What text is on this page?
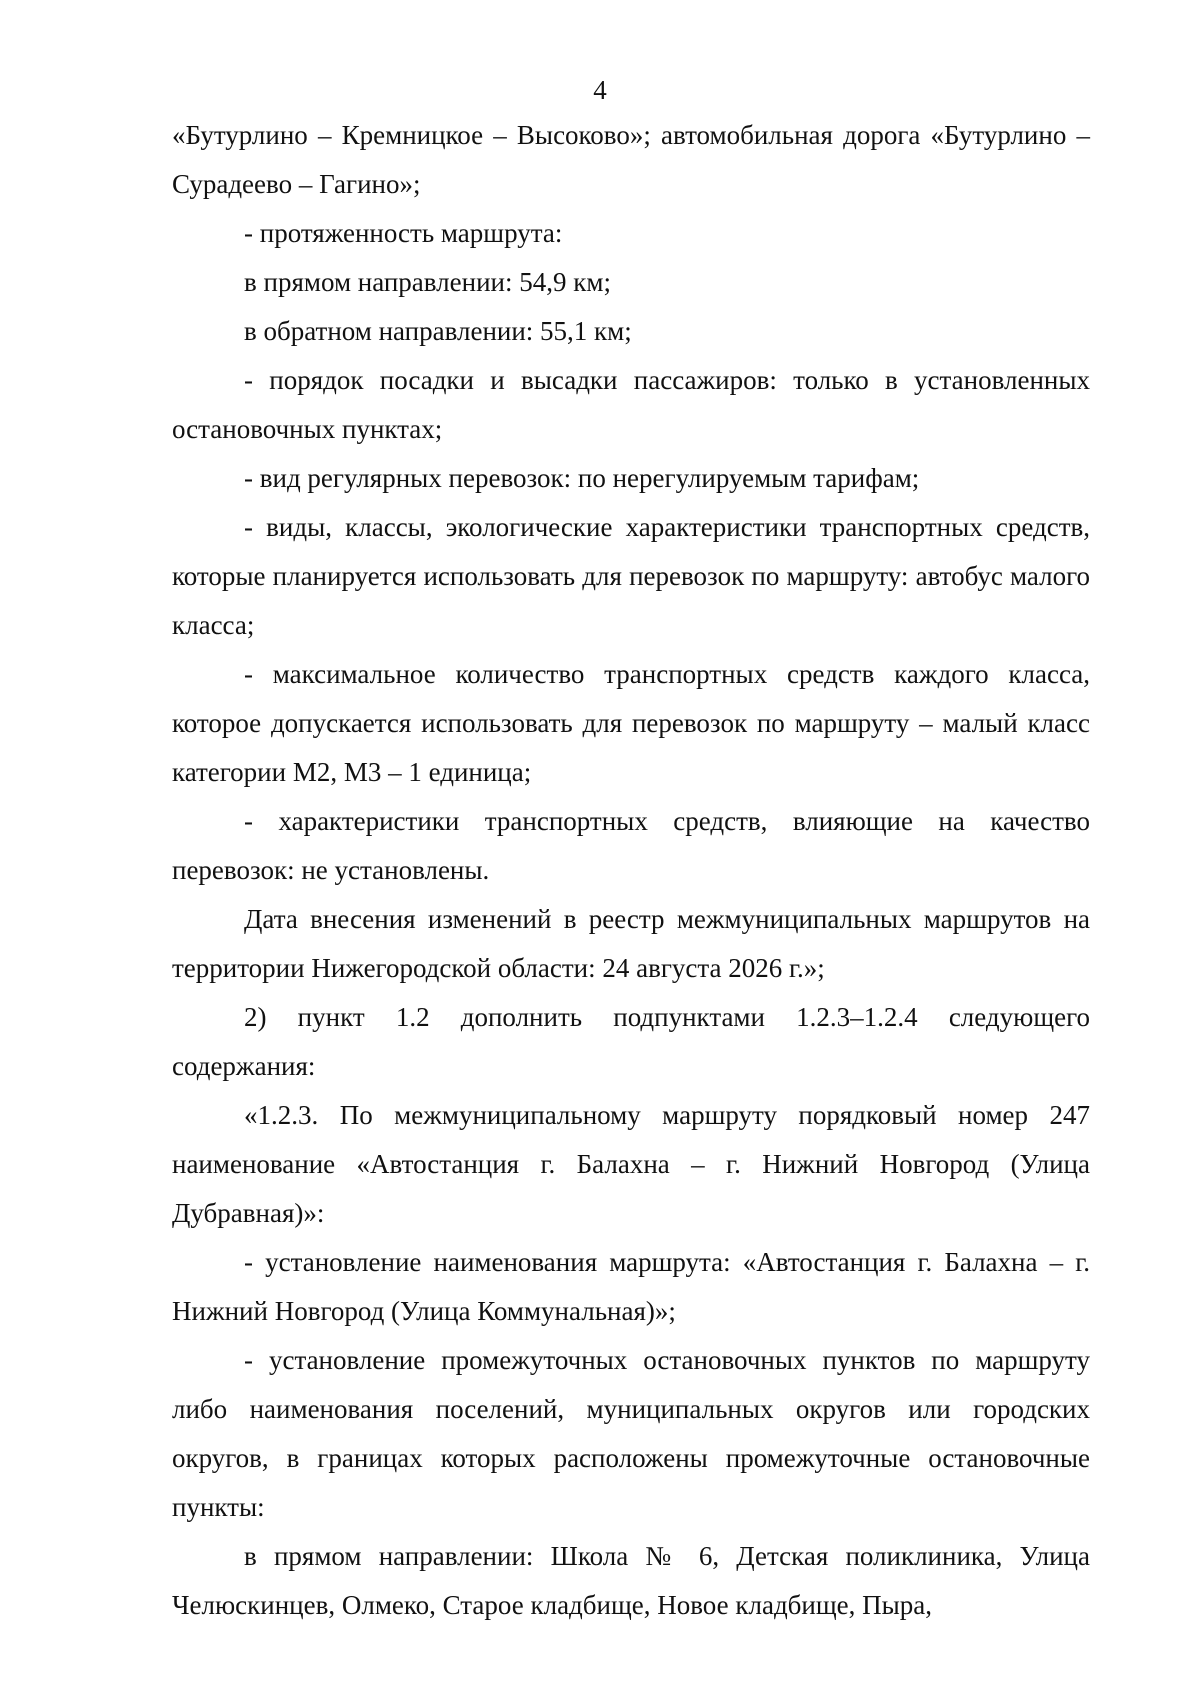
4

«Бутурлино – Кремницкое – Высоково»; автомобильная дорога «Бутурлино – Сурадеево – Гагино»;

- протяженность маршрута:

в прямом направлении: 54,9 км;

в обратном направлении: 55,1 км;

- порядок посадки и высадки пассажиров: только в установленных остановочных пунктах;

- вид регулярных перевозок: по нерегулируемым тарифам;

- виды, классы, экологические характеристики транспортных средств, которые планируется использовать для перевозок по маршруту: автобус малого класса;

- максимальное количество транспортных средств каждого класса, которое допускается использовать для перевозок по маршруту – малый класс категории М2, М3 – 1 единица;

- характеристики транспортных средств, влияющие на качество перевозок: не установлены.

Дата внесения изменений в реестр межмуниципальных маршрутов на территории Нижегородской области: 24 августа 2026 г.»;

2) пункт 1.2 дополнить подпунктами 1.2.3–1.2.4 следующего содержания:

«1.2.3. По межмуниципальному маршруту порядковый номер 247 наименование «Автостанция г. Балахна – г. Нижний Новгород (Улица Дубравная)»:

- установление наименования маршрута: «Автостанция г. Балахна – г. Нижний Новгород (Улица Коммунальная)»;

- установление промежуточных остановочных пунктов по маршруту либо наименования поселений, муниципальных округов или городских округов, в границах которых расположены промежуточные остановочные пункты:

в прямом направлении: Школа № 6, Детская поликлиника, Улица Челюскинцев, Олмеко, Старое кладбище, Новое кладбище, Пыра,
